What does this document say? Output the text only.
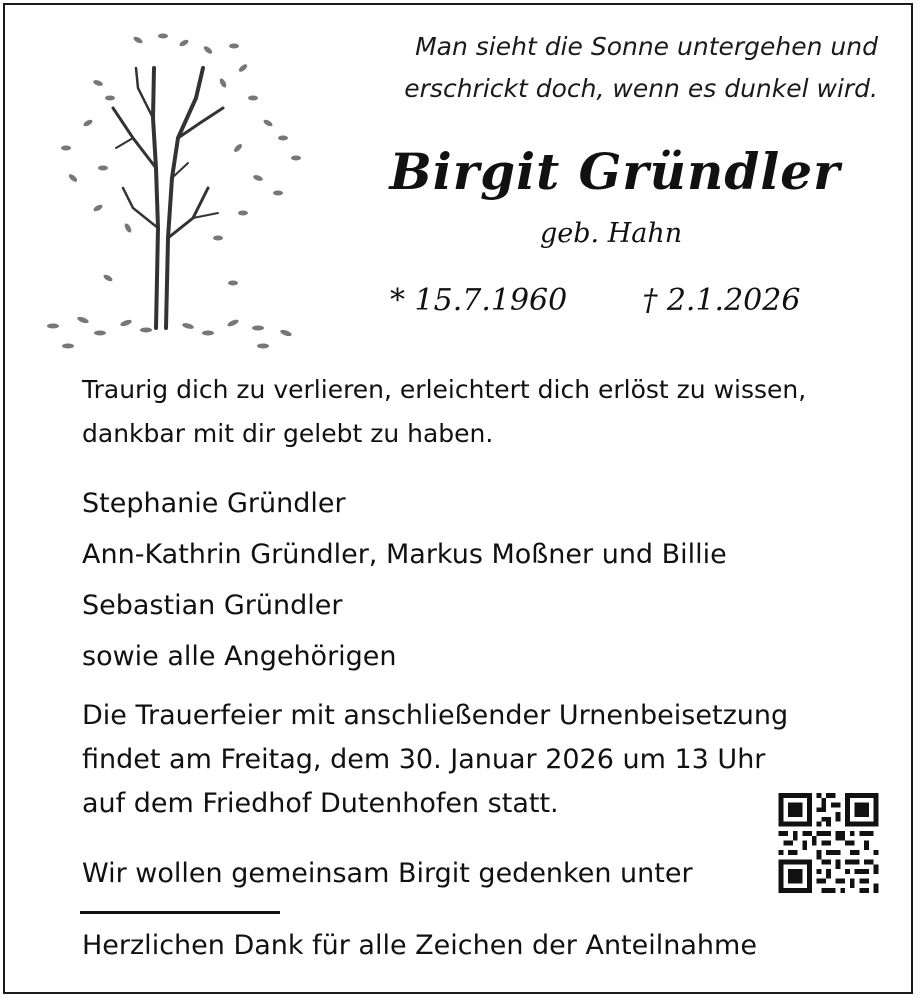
Man sieht die Sonne untergehen und
erschrickt doch, wenn es dunkel wird.
Birgit Gründler
geb. Hahn
* 15.7.1960	† 2.1.2026
Traurig dich zu verlieren, erleichtert dich erlöst zu wissen,
dankbar mit dir gelebt zu haben.
Stephanie Gründler
Ann-Kathrin Gründler, Markus Moßner und Billie
Sebastian Gründler
sowie alle Angehörigen
Die Trauerfeier mit anschließender Urnenbeisetzung
findet am Freitag, dem 30. Januar 2026 um 13 Uhr
auf dem Friedhof Dutenhofen statt.
Wir wollen gemeinsam Birgit gedenken unter
Herzlichen Dank für alle Zeichen der Anteilnahme
